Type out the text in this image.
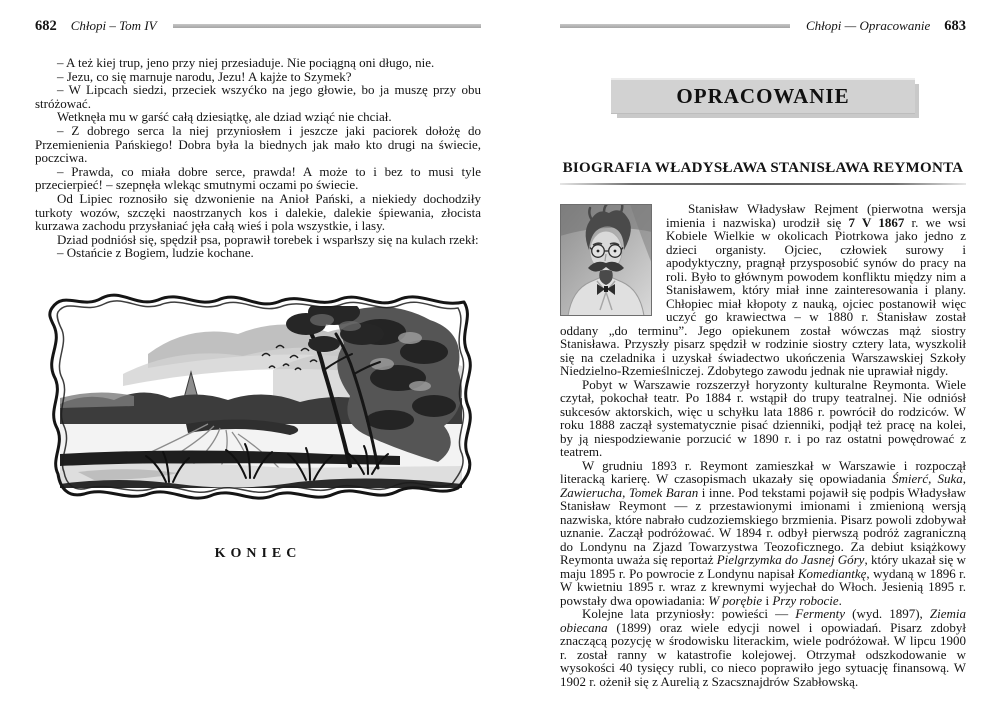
682 Chłopi – Tom IV

– A też kiej trup, jeno przy niej przesiaduje. Nie pociągną oni długo, nie.

– Jezu, co się marnuje narodu, Jezu! A kajże to Szymek?

– W Lipcach siedzi, przeciek wszyćko na jego głowie, bo ja muszę przy obu stróżować.

Wetknęła mu w garść całą dziesiątkę, ale dziad wziąć nie chciał.

– Z dobrego serca la niej przyniosłem i jeszcze jaki paciorek dołożę do Przemienienia Pańskiego! Dobra była la biednych jak mało kto drugi na świecie, poczciwa.

– Prawda, co miała dobre serce, prawda! A może to i bez to musi tyle przecierpieć! – szepnęła wlekąc smutnymi oczami po świecie.

Od Lipiec roznosiło się dzwonienie na Anioł Pański, a niekiedy dochodziły turkoty wozów, szczęki naostrzanych kos i dalekie, dalekie śpiewania, złocista kurzawa zachodu przysłaniać jęła całą wieś i pola wszystkie, i lasy.

Dziad podniósł się, spędził psa, poprawił torebek i wsparłszy się na kulach rzekł:

– Ostańcie z Bogiem, ludzie kochane.

KONIEC
Chłopi — Opracowanie 683
OPRACOWANIE
BIOGRAFIA WŁADYSŁAWA STANISŁAWA REYMONTA

Stanisław Władysław Rejment (pierwotna wersja imienia i nazwiska) urodził się 7 V 1867 r. we wsi Kobiele Wielkie w okolicach Piotrkowa jako jedno z dzieci organisty. Ojciec, człowiek surowy i apodyktyczny, pragnął przysposobić synów do pracy na roli. Było to głównym powodem konfliktu między nim a Stanisławem, który miał inne zainteresowania i plany. Chłopiec miał kłopoty z nauką, ojciec postanowił więc uczyć go krawiectwa – w 1880 r. Stanisław został oddany „do terminu”. Jego opiekunem został wówczas mąż siostry Stanisława. Przyszły pisarz spędził w rodzinie siostry cztery lata, wyszkolił się na czeladnika i uzyskał świadectwo ukończenia Warszawskiej Szkoły Niedzielno-Rzemieślniczej. Zdobytego zawodu jednak nie uprawiał nigdy.

Pobyt w Warszawie rozszerzył horyzonty kulturalne Reymonta. Wiele czytał, pokochał teatr. Po 1884 r. wstąpił do trupy teatralnej. Nie odniósł sukcesów aktorskich, więc u schyłku lata 1886 r. powrócił do rodziców. W roku 1888 zaczął systematycznie pisać dzienniki, podjął też pracę na kolei, by ją niespodziewanie porzucić w 1890 r. i po raz ostatni powędrować z teatrem.

W grudniu 1893 r. Reymont zamieszkał w Warszawie i rozpoczął literacką karierę. W czasopismach ukazały się opowiadania Śmierć, Suka, Zawierucha, Tomek Baran i inne. Pod tekstami pojawił się podpis Władysław Stanisław Reymont — z przestawionymi imionami i zmienioną wersją nazwiska, które nabrało cudzoziemskiego brzmienia. Pisarz powoli zdobywał uznanie. Zaczął podróżować. W 1894 r. odbył pierwszą podróż zagraniczną do Londynu na Zjazd Towarzystwa Teozoficznego. Za debiut książkowy Reymonta uważa się reportaż Pielgrzymka do Jasnej Góry, który ukazał się w maju 1895 r. Po powrocie z Londynu napisał Komediantkę, wydaną w 1896 r. W kwietniu 1895 r. wraz z krewnymi wyjechał do Włoch. Jesienią 1895 r. powstały dwa opowiadania: W porębie i Przy robocie.

Kolejne lata przyniosły: powieści — Fermenty (wyd. 1897), Ziemia obiecana (1899) oraz wiele edycji nowel i opowiadań. Pisarz zdobył znaczącą pozycję w środowisku literackim, wiele podróżował. W lipcu 1900 r. został ranny w katastrofie kolejowej. Otrzymał odszkodowanie w wysokości 40 tysięcy rubli, co nieco poprawiło jego sytuację finansową. W 1902 r. ożenił się z Aurelią z Szacsznajdrów Szabłowską.
